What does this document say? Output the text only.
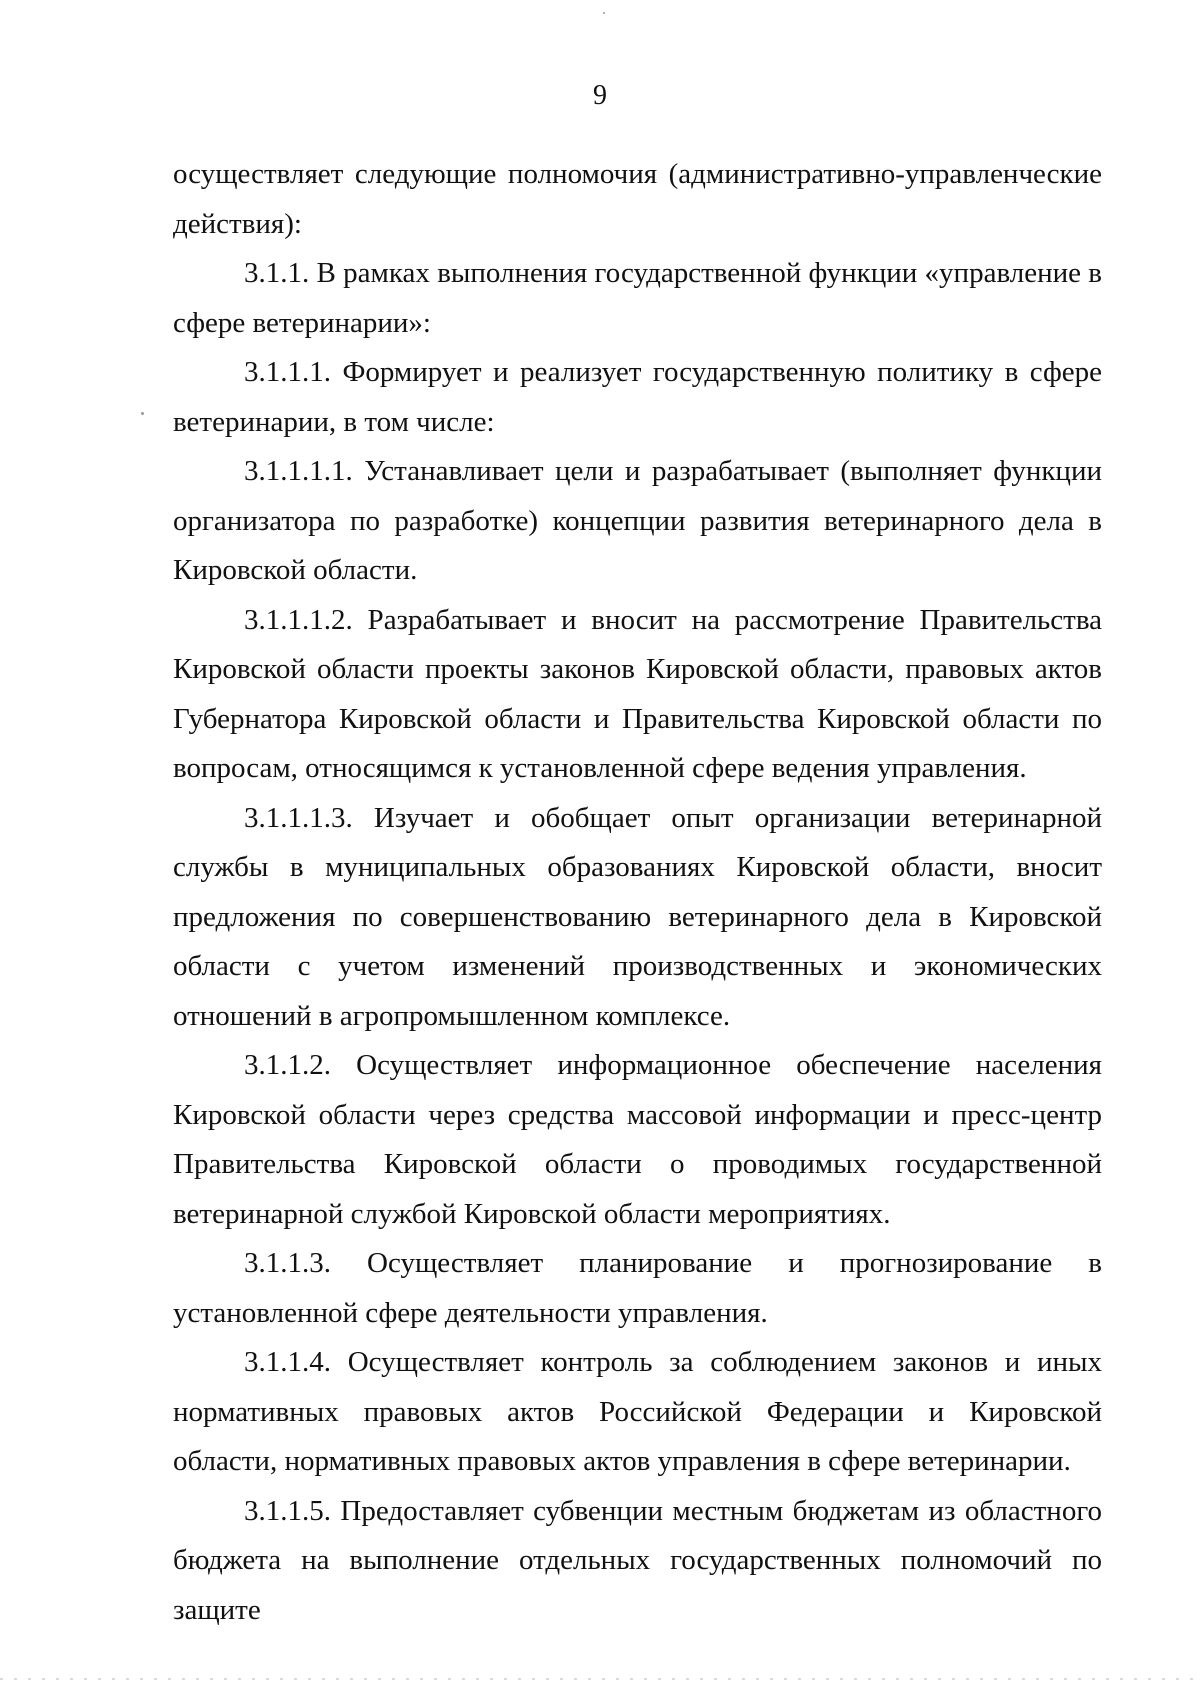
9

осуществляет следующие полномочия (административно-управленческие действия):

3.1.1. В рамках выполнения государственной функции «управление в сфере ветеринарии»:

3.1.1.1. Формирует и реализует государственную политику в сфере ветеринарии, в том числе:

3.1.1.1.1. Устанавливает цели и разрабатывает (выполняет функции организатора по разработке) концепции развития ветеринарного дела в Кировской области.

3.1.1.1.2. Разрабатывает и вносит на рассмотрение Правительства Кировской области проекты законов Кировской области, правовых актов Губернатора Кировской области и Правительства Кировской области по вопросам, относящимся к установленной сфере ведения управления.

3.1.1.1.3. Изучает и обобщает опыт организации ветеринарной службы в муниципальных образованиях Кировской области, вносит предложения по совершенствованию ветеринарного дела в Кировской области с учетом изменений производственных и экономических отношений в агропромышленном комплексе.

3.1.1.2. Осуществляет информационное обеспечение населения Кировской области через средства массовой информации и пресс-центр Правительства Кировской области о проводимых государственной ветеринарной службой Кировской области мероприятиях.

3.1.1.3. Осуществляет планирование и прогнозирование в установленной сфере деятельности управления.

3.1.1.4. Осуществляет контроль за соблюдением законов и иных нормативных правовых актов Российской Федерации и Кировской области, нормативных правовых актов управления в сфере ветеринарии.

3.1.1.5. Предоставляет субвенции местным бюджетам из областного бюджета на выполнение отдельных государственных полномочий по защите
